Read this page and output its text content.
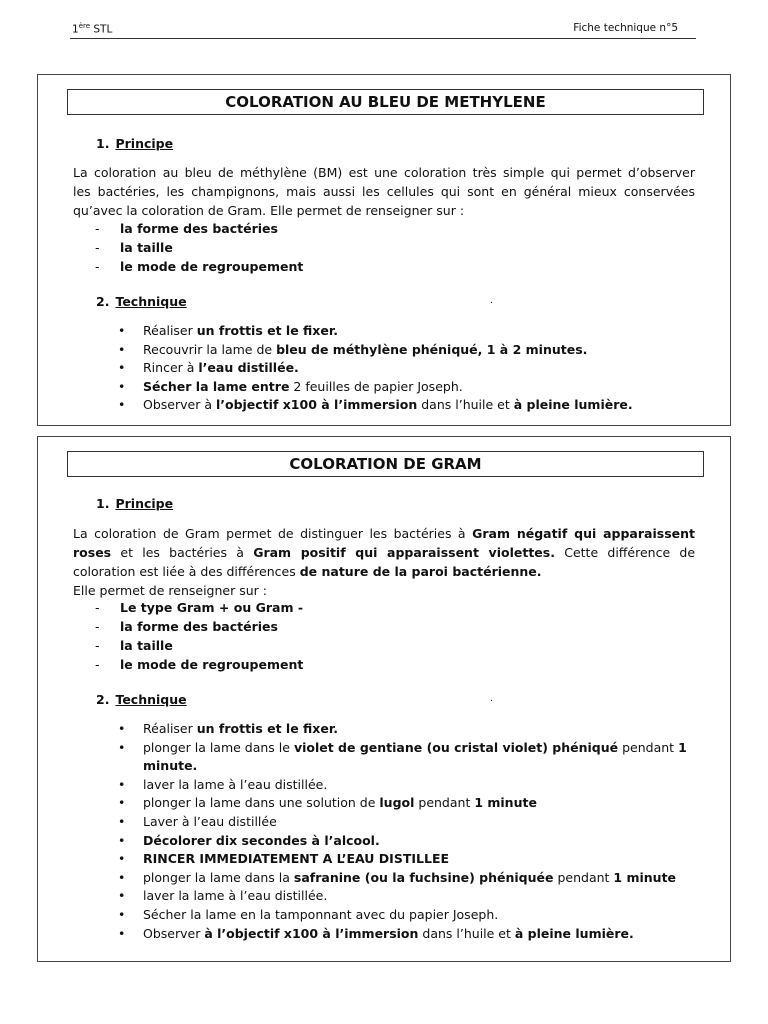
1ère STL	Fiche technique n°5
COLORATION AU BLEU DE METHYLENE
1. Principe
La coloration au bleu de méthylène (BM) est une coloration très simple qui permet d’observer
les bactéries, les champignons, mais aussi les cellules qui sont en général mieux conservées
qu’avec la coloration de Gram. Elle permet de renseigner sur :
- la forme des bactéries
- la taille
- le mode de regroupement
2. Technique	.
• Réaliser un frottis et le fixer.
• Recouvrir la lame de bleu de méthylène phéniqué, 1 à 2 minutes.
• Rincer à l’eau distillée.
• Sécher la lame entre 2 feuilles de papier Joseph.
• Observer à l’objectif x100 à l’immersion dans l’huile et à pleine lumière.
COLORATION DE GRAM
1. Principe
La coloration de Gram permet de distinguer les bactéries à Gram négatif qui apparaissent roses et les bactéries à Gram positif qui apparaissent violettes. Cette différence de coloration est liée à des différences de nature de la paroi bactérienne.
Elle permet de renseigner sur :
- Le type Gram + ou Gram -
- la forme des bactéries
- la taille
- le mode de regroupement
2. Technique	.
• Réaliser un frottis et le fixer.
• plonger la lame dans le violet de gentiane (ou cristal violet) phéniqué pendant 1 minute.
• laver la lame à l’eau distillée.
• plonger la lame dans une solution de lugol pendant 1 minute
• Laver à l’eau distillée
• Décolorer dix secondes à l’alcool.
• RINCER IMMEDIATEMENT A L’EAU DISTILLEE
• plonger la lame dans la safranine (ou la fuchsine) phéniquée pendant 1 minute
• laver la lame à l’eau distillée.
• Sécher la lame en la tamponnant avec du papier Joseph.
• Observer à l’objectif x100 à l’immersion dans l’huile et à pleine lumière.
